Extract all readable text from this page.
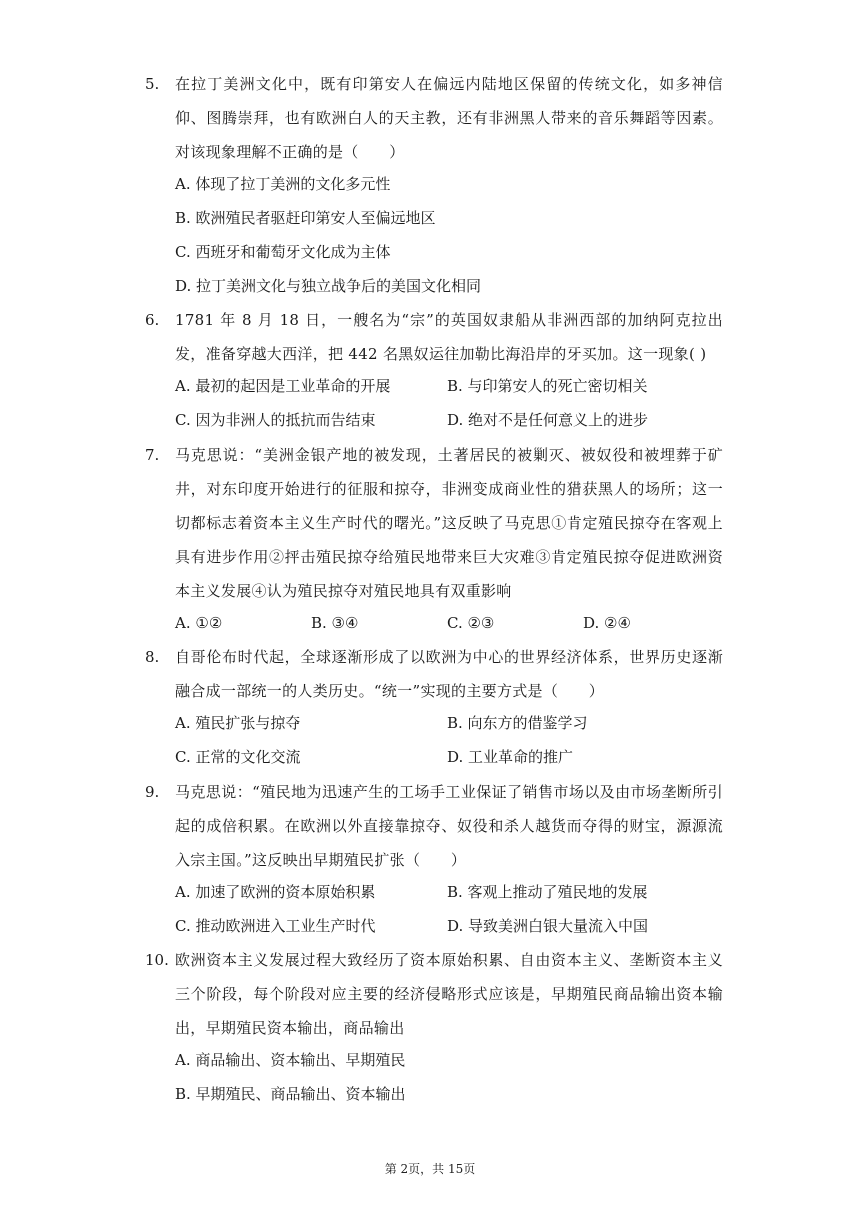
5. 在拉丁美洲文化中，既有印第安人在偏远内陆地区保留的传统文化，如多神信仰、图腾崇拜，也有欧洲白人的天主教，还有非洲黑人带来的音乐舞蹈等因素。对该现象理解不正确的是（　　）
A. 体现了拉丁美洲的文化多元性
B. 欧洲殖民者驱赶印第安人至偏远地区
C. 西班牙和葡萄牙文化成为主体
D. 拉丁美洲文化与独立战争后的美国文化相同
6. 1781 年 8 月 18 日，一艘名为“宗”的英国奴隶船从非洲西部的加纳阿克拉出发，准备穿越大西洋，把 442 名黑奴运往加勒比海沿岸的牙买加。这一现象( )
A. 最初的起因是工业革命的开展	B. 与印第安人的死亡密切相关
C. 因为非洲人的抵抗而告结束	D. 绝对不是任何意义上的进步
7. 马克思说：“美洲金银产地的被发现，土著居民的被剿灭、被奴役和被埋葬于矿井，对东印度开始进行的征服和掠夺，非洲变成商业性的猎获黑人的场所；这一切都标志着资本主义生产时代的曙光。”这反映了马克思①肯定殖民掠夺在客观上具有进步作用②抨击殖民掠夺给殖民地带来巨大灾难③肯定殖民掠夺促进欧洲资本主义发展④认为殖民掠夺对殖民地具有双重影响
A. ①②	B. ③④	C. ②③	D. ②④
8. 自哥伦布时代起，全球逐渐形成了以欧洲为中心的世界经济体系，世界历史逐渐融合成一部统一的人类历史。“统一”实现的主要方式是（　　）
A. 殖民扩张与掠夺	B. 向东方的借鉴学习
C. 正常的文化交流	D. 工业革命的推广
9. 马克思说：“殖民地为迅速产生的工场手工业保证了销售市场以及由市场垄断所引起的成倍积累。在欧洲以外直接靠掠夺、奴役和杀人越货而夺得的财宝，源源流入宗主国。”这反映出早期殖民扩张（　　）
A. 加速了欧洲的资本原始积累	B. 客观上推动了殖民地的发展
C. 推动欧洲进入工业生产时代	D. 导致美洲白银大量流入中国
10. 欧洲资本主义发展过程大致经历了资本原始积累、自由资本主义、垄断资本主义三个阶段，每个阶段对应主要的经济侵略形式应该是，早期殖民商品输出资本输出，早期殖民资本输出，商品输出
A. 商品输出、资本输出、早期殖民
B. 早期殖民、商品输出、资本输出
第 2页，共 15页
